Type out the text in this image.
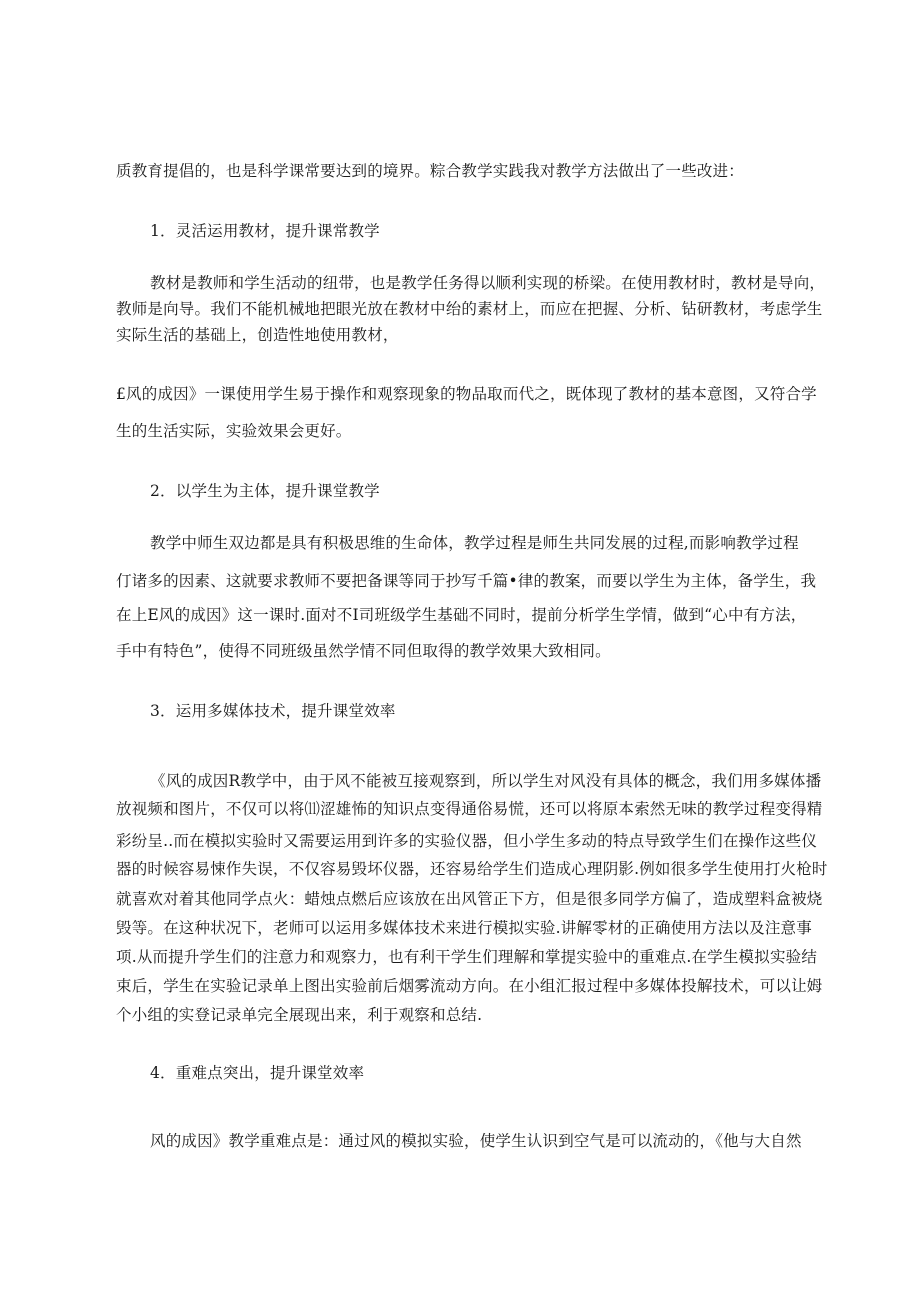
质教育提倡的，也是科学课常要达到的境界。粽合教学实践我对教学方法做出了一些改进：
1．灵活运用教材，提升课常教学
教材是教师和学生活动的纽带，也是教学任务得以顺利实现的桥梁。在使用教材时，教材是导向，
教师是向导。我们不能机械地把眼光放在教材中绐的素材上，而应在把握、分析、钻研教材，考虑学生
实际生活的基础上，创造性地使用教材，
£风的成因》一课使用学生易于操作和观察现象的物品取而代之，既体现了教材的基本意图，又符合学
生的生活实际，实验效果会更好。
2．以学生为主体，提升课堂教学
教学中师生双边都是具有积极思维的生命体，教学过程是师生共同发展的过程,而影响教学过程
仃诸多的因素、这就要求教师不要把备课等同于抄写千篇•律的教案，而要以学生为主体，备学生，我
在上E风的成因》这一课时.面对不I司班级学生基础不同时，提前分析学生学情，做到“心中有方法，
手中有特色”，使得不同班级虽然学情不同但取得的教学效果大致相同。
3．运用多媒体技术，提升课堂效率
《风的成因R教学中，由于风不能被互接观察到，所以学生对风没有具体的概念，我们用多媒体播
放视频和图片，不仅可以将⑾涩雄怖的知识点变得通俗易慌，还可以将原本索然无味的教学过程变得精
彩纷呈..而在模拟实验时又需要运用到许多的实验仪器，但小学生多动的特点导致学生们在操作这些仪
器的时候容易悚作失误，不仅容易毁坏仪器，还容易给学生们造成心理阴影.例如很多学生使用打火枪时
就喜欢对着其他同学点火：蜡烛点燃后应该放在出风管正下方，但是很多同学方偏了，造成塑料盒被烧
毁等。在这种状况下，老师可以运用多媒体技术来进行模拟实验.讲解零材的正确使用方法以及注意事
项.从而提升学生们的注意力和观察力，也有利干学生们理解和掌提实验中的重难点.在学生模拟实验结
束后，学生在实验记录单上图出实验前后烟雾流动方向。在小组汇报过程中多媒体投解技术，可以让姆
个小组的实登记录单完全展现出来，利于观察和总结.
4．重难点突出，提升课堂效率
风的成因》教学重难点是：通过风的模拟实验，使学生认识到空气是可以流动的，《他与大自然
